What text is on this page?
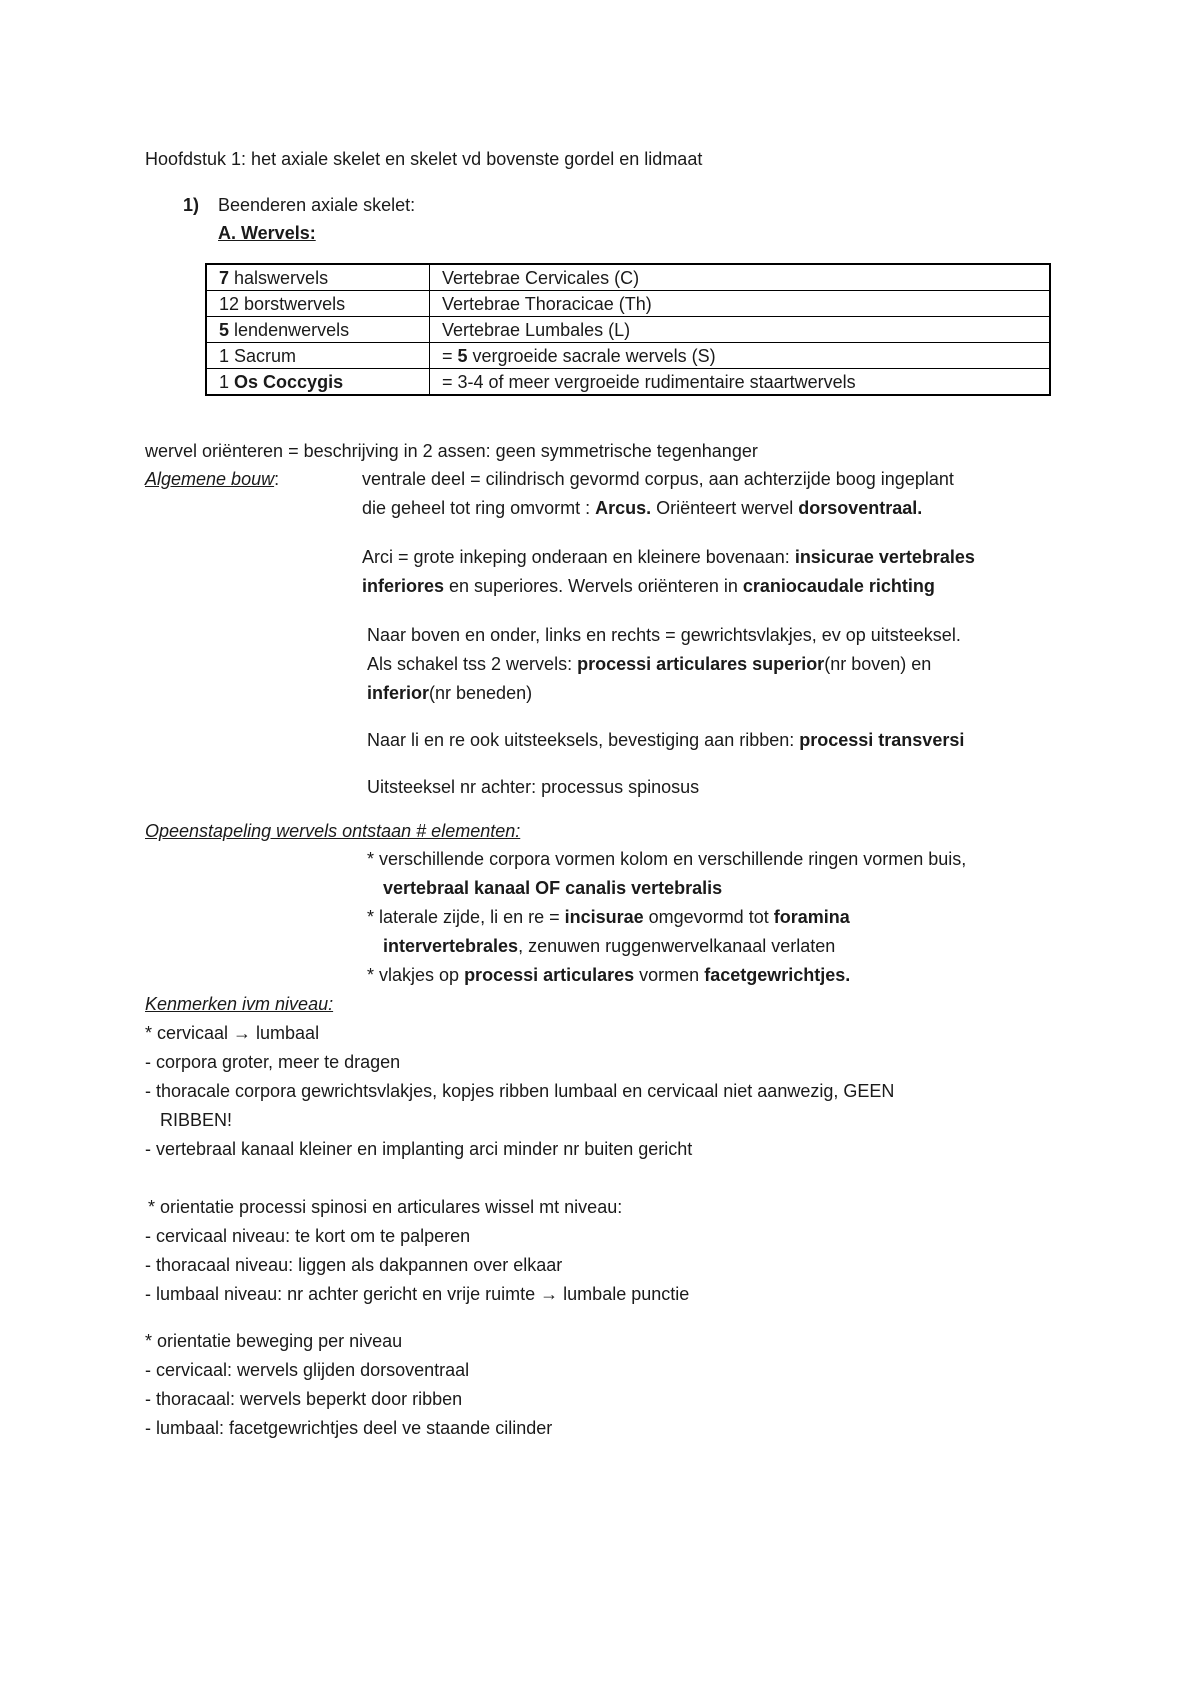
Hoofdstuk 1: het axiale skelet en skelet vd bovenste gordel en lidmaat
1) Beenderen axiale skelet:
A. Wervels:
7 halswervels	Vertebrae Cervicales (C)
12 borstwervels	Vertebrae Thoracicae (Th)
5 lendenwervels	Vertebrae Lumbales (L)
1 Sacrum	= 5 vergroeide sacrale wervels (S)
1 Os Coccygis	= 3-4 of meer vergroeide rudimentaire staartwervels
wervel oriënteren = beschrijving in 2 assen: geen symmetrische tegenhanger
Algemene bouw:	ventrale deel = cilindrisch gevormd corpus, aan achterzijde boog ingeplant
die geheel tot ring omvormt : Arcus. Oriënteert wervel dorsoventraal.
Arci = grote inkeping onderaan en kleinere bovenaan: insicurae vertebrales
inferiores en superiores. Wervels oriënteren in craniocaudale richting
Naar boven en onder, links en rechts = gewrichtsvlakjes, ev op uitsteeksel.
Als schakel tss 2 wervels: processi articulares superior(nr boven) en
inferior(nr beneden)
Naar li en re ook uitsteeksels, bevestiging aan ribben: processi transversi
Uitsteeksel nr achter: processus spinosus
Opeenstapeling wervels ontstaan # elementen:
* verschillende corpora vormen kolom en verschillende ringen vormen buis,
vertebraal kanaal OF canalis vertebralis
* laterale zijde, li en re = incisurae omgevormd tot foramina
intervertebrales, zenuwen ruggenwervelkanaal verlaten
* vlakjes op processi articulares vormen facetgewrichtjes.
Kenmerken ivm niveau:
* cervicaal → lumbaal
- corpora groter, meer te dragen
- thoracale corpora gewrichtsvlakjes, kopjes ribben lumbaal en cervicaal niet aanwezig, GEEN
RIBBEN!
- vertebraal kanaal kleiner en implanting arci minder nr buiten gericht
* orientatie processi spinosi en articulares wissel mt niveau:
- cervicaal niveau: te kort om te palperen
- thoracaal niveau: liggen als dakpannen over elkaar
- lumbaal niveau: nr achter gericht en vrije ruimte → lumbale punctie
* orientatie beweging per niveau
- cervicaal: wervels glijden dorsoventraal
- thoracaal: wervels beperkt door ribben
- lumbaal: facetgewrichtjes deel ve staande cilinder
